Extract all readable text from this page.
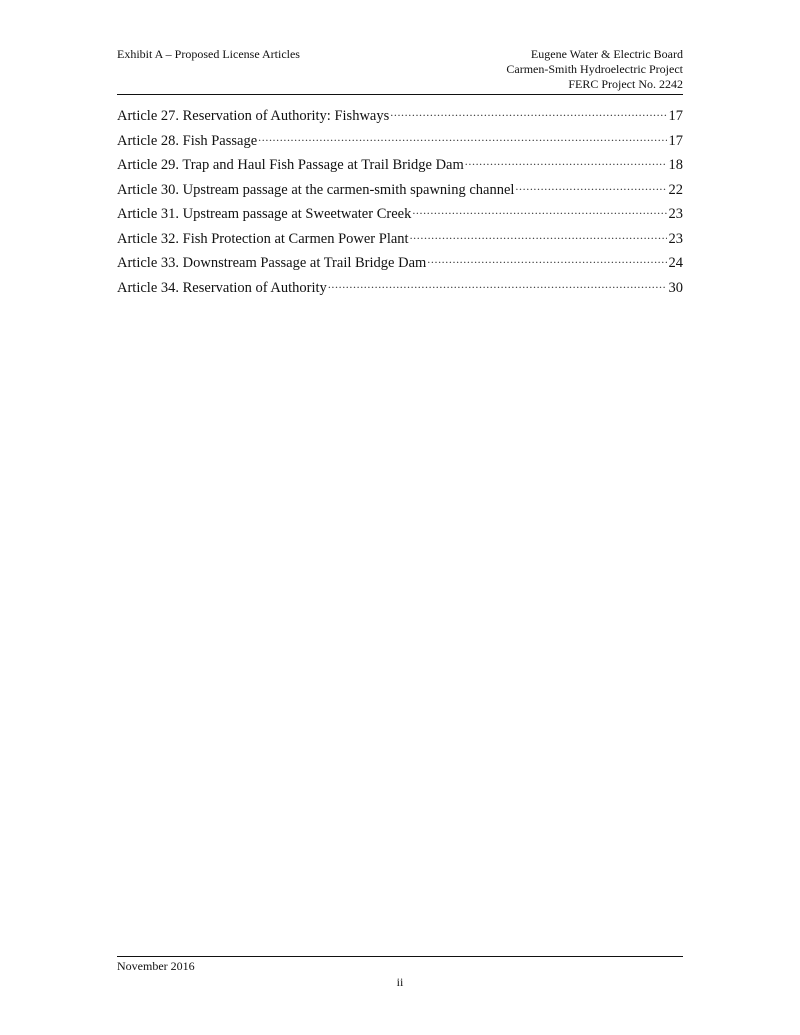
Exhibit A – Proposed License Articles	Eugene Water & Electric Board
Carmen-Smith Hydroelectric Project
FERC Project No. 2242
Article 27. Reservation of Authority: Fishways .....	17
Article 28. Fish Passage .....	17
Article 29. Trap and Haul Fish Passage at Trail Bridge Dam .....	18
Article 30. Upstream passage at the carmen-smith spawning channel .....	22
Article 31. Upstream passage at Sweetwater Creek .....	23
Article 32. Fish Protection at Carmen Power Plant .....	23
Article 33. Downstream Passage at Trail Bridge Dam .....	24
Article 34. Reservation of Authority .....	30
November 2016
ii
